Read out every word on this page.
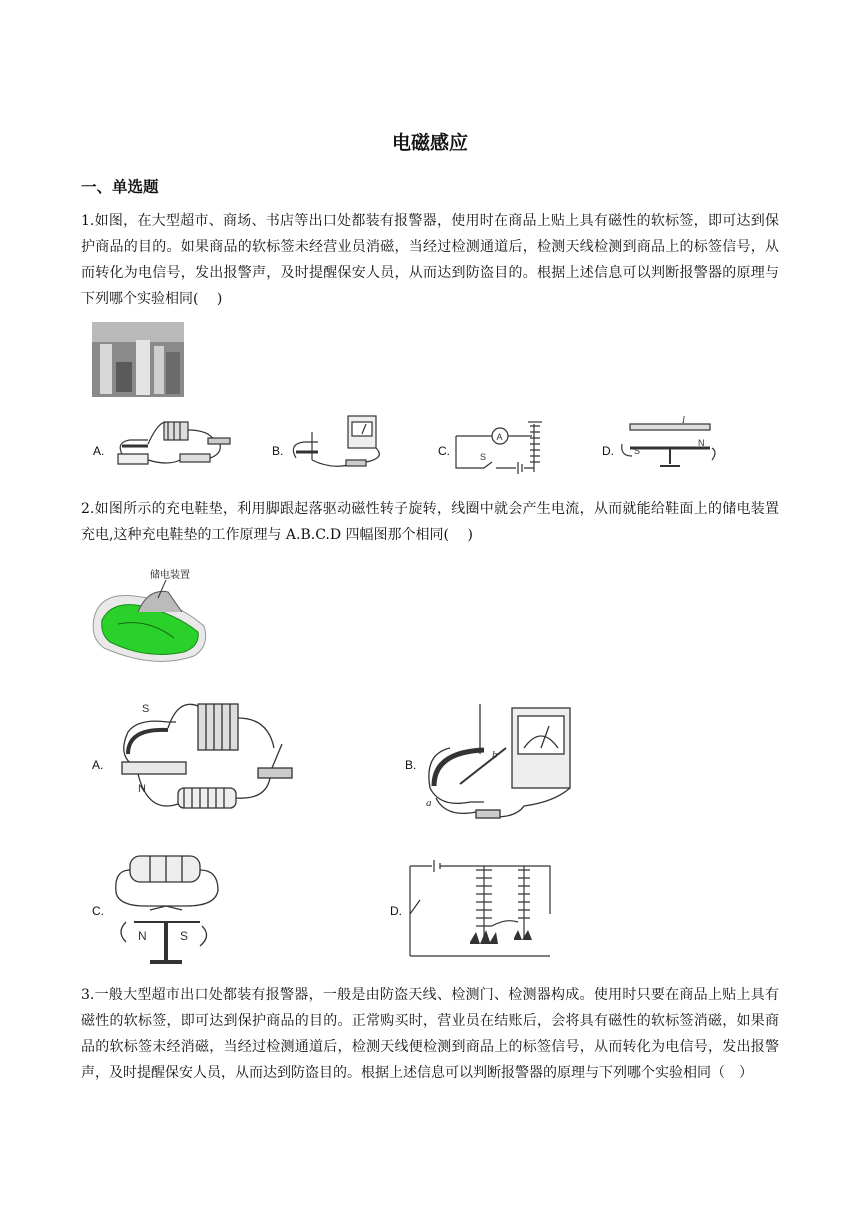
电磁感应
一、单选题
1.如图，在大型超市、商场、书店等出口处都装有报警器，使用时在商品上贴上具有磁性的软标签，即可达到保护商品的目的。如果商品的软标签未经营业员消磁，当经过检测通道后，检测天线检测到商品上的标签信号，从而转化为电信号，发出报警声，及时提醒保安人员，从而达到防盗目的。根据上述信息可以判断报警器的原理与下列哪个实验相同(　 )
A.	B.	C.
A
S	D.
I
S
N
2.如图所示的充电鞋垫，利用脚跟起落驱动磁性转子旋转，线圈中就会产生电流，从而就能给鞋面上的储电装置充电,这种充电鞋垫的工作原理与 A.B.C.D 四幅图那个相同(　 )
储电装置
A.
S
N
B.
a
b
C.
N	S
D.
3.一般大型超市出口处都装有报警器，一般是由防盗天线、检测门、检测器构成。使用时只要在商品上贴上具有磁性的软标签，即可达到保护商品的目的。正常购买时，营业员在结账后，会将具有磁性的软标签消磁，如果商品的软标签未经消磁，当经过检测通道后，检测天线便检测到商品上的标签信号，从而转化为电信号，发出报警声，及时提醒保安人员，从而达到防盗目的。根据上述信息可以判断报警器的原理与下列哪个实验相同（　）
